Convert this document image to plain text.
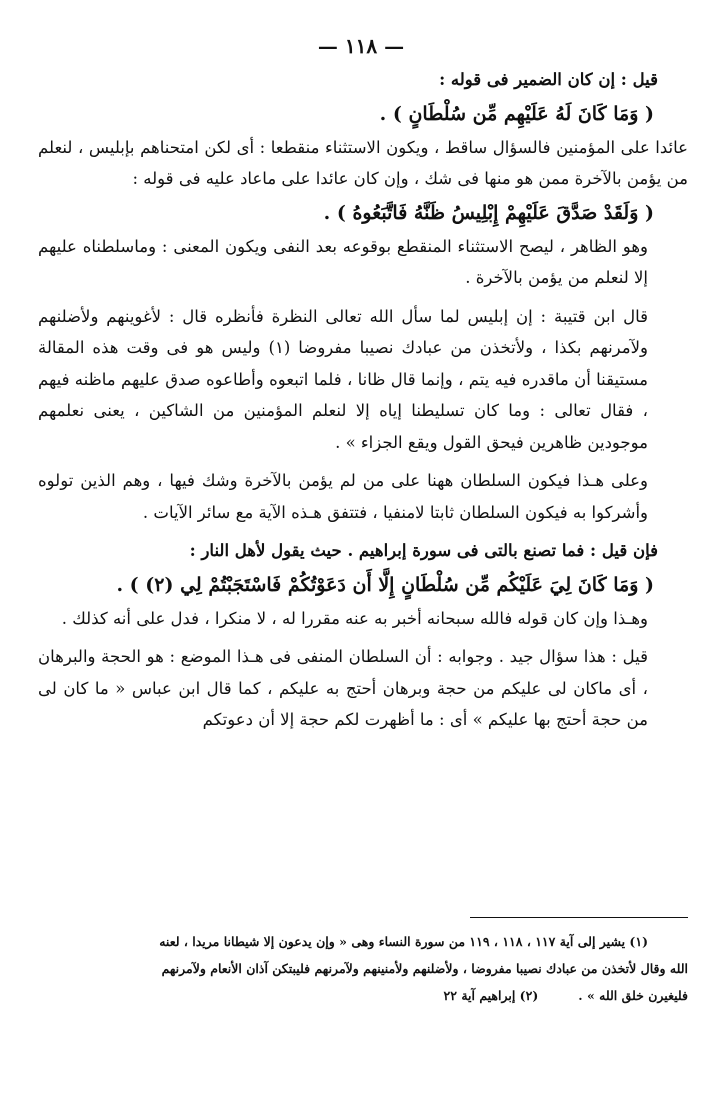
— ١١٨ —

قيل : إن كان الضمير فى قوله :

( وَمَا كَانَ لَهُ عَلَيْهِم مِّن سُلْطَانٍ ) .

عائدا على المؤمنين فالسؤال ساقط ، ويكون الاستثناء منقطعا : أى لكن امتحناهم بإبليس ، لنعلم من يؤمن بالآخرة ممن هو منها فى شك ، وإن كان عائدا على ماعاد عليه فى قوله :

( وَلَقَدْ صَدَّقَ عَلَيْهِمْ إِبْلِيسُ ظَنَّهُ فَاتَّبَعُوهُ ) .

وهو الظاهر ، ليصح الاستثناء المنقطع بوقوعه بعد النفى ويكون المعنى : وماسلطناه عليهم إلا لنعلم من يؤمن بالآخرة .

قال ابن قتيبة : إن إبليس لما سأل الله تعالى النظرة فأنظره قال : لأغوينهم ولأضلنهم ولآمرنهم بكذا ، ولأتخذن من عبادك نصيبا مفروضا (١) وليس هو فى وقت هذه المقالة مستيقنا أن ماقدره فيه يتم ، وإنما قال ظانا ، فلما اتبعوه وأطاعوه صدق عليهم ماظنه فيهم ، فقال تعالى : وما كان تسليطنا إياه إلا لنعلم المؤمنين من الشاكين ، يعنى نعلمهم موجودين ظاهرين فيحق القول ويقع الجزاء » .

وعلى هـذا فيكون السلطان ههنا على من لم يؤمن بالآخرة وشك فيها ، وهم الذين تولوه وأشركوا به فيكون السلطان ثابتا لامنفيا ، فتتفق هـذه الآية مع سائر الآيات .

فإن قيل : فما تصنع بالتى فى سورة إبراهيم . حيث يقول لأهل النار :

( وَمَا كَانَ لِيَ عَلَيْكُم مِّن سُلْطَانٍ إِلَّا أَن دَعَوْتُكُمْ فَاسْتَجَبْتُمْ لِي (٢) ) .

وهـذا وإن كان قوله فالله سبحانه أخبر به عنه مقررا له ، لا منكرا ، فدل على أنه كذلك .

قيل : هذا سؤال جيد . وجوابه : أن السلطان المنفى فى هـذا الموضع : هو الحجة والبرهان ، أى ماكان لى عليكم من حجة وبرهان أحتج به عليكم ، كما قال ابن عباس « ما كان لى من حجة أحتج بها عليكم » أى : ما أظهرت لكم حجة إلا أن دعوتكم

(١) يشير إلى آية ١١٧ ، ١١٨ ، ١١٩ من سورة النساء وهى « وإن يدعون إلا شيطانا مريدا ، لعنه

الله وقال لأتخذن من عبادك نصيبا مفروضا ، ولأضلنهم ولأمنينهم ولآمرنهم فليبتكن آذان الأنعام ولآمرنهم

فليغيرن خلق الله » .
(٢) إبراهيم آية ٢٢
